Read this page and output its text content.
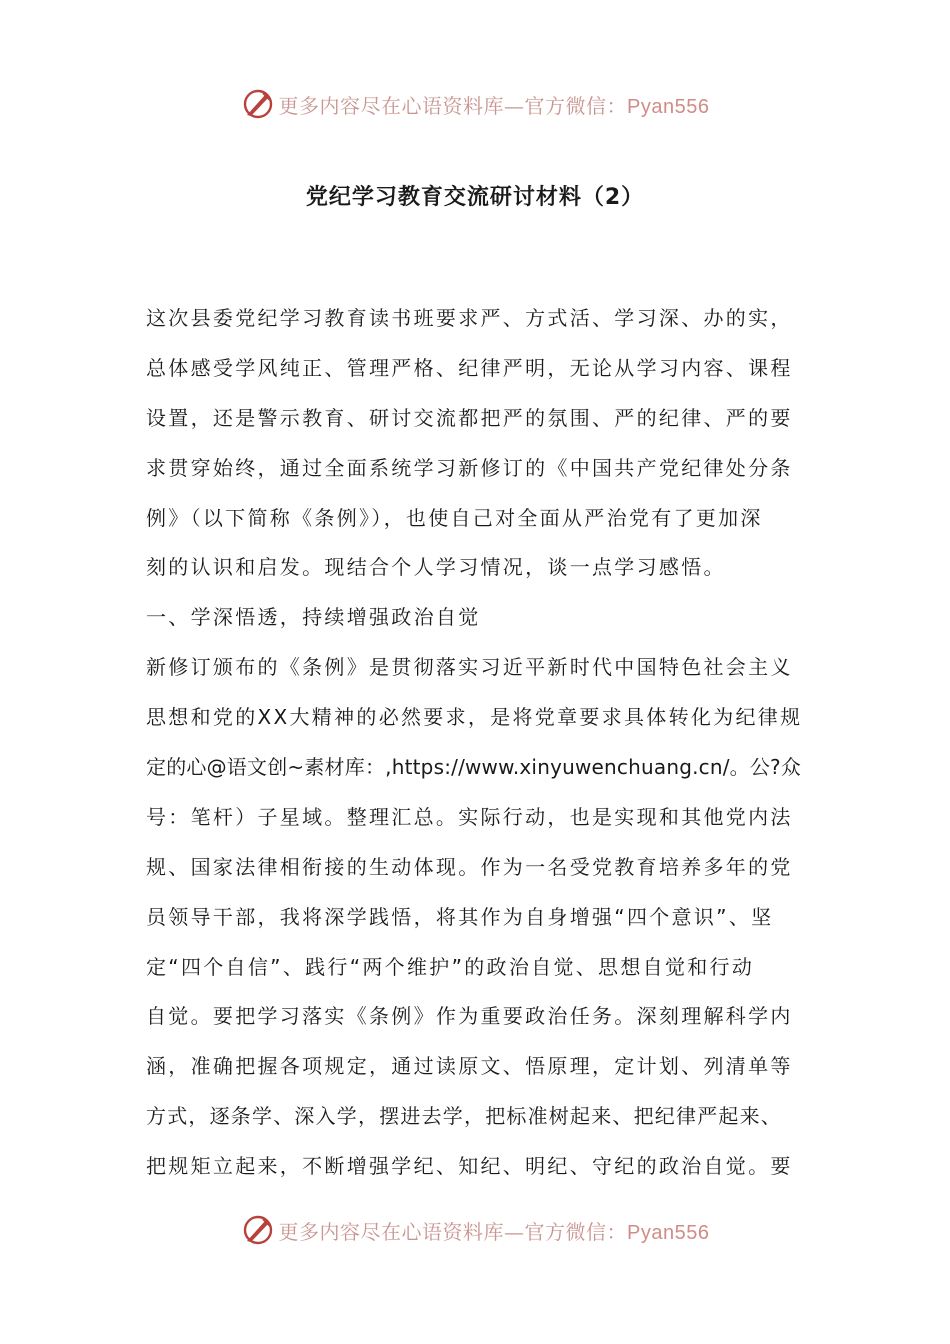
更多内容尽在心语资料库—官方微信：Pyan556
党纪学习教育交流研讨材料（2）
这次县委党纪学习教育读书班要求严、方式活、学习深、办的实，
总体感受学风纯正、管理严格、纪律严明，无论从学习内容、课程
设置，还是警示教育、研讨交流都把严的氛围、严的纪律、严的要
求贯穿始终，通过全面系统学习新修订的《中国共产党纪律处分条
例》（以下简称《条例》），也使自己对全面从严治党有了更加深
刻的认识和启发。现结合个人学习情况，谈一点学习感悟。
一、学深悟透，持续增强政治自觉
新修订颁布的《条例》是贯彻落实习近平新时代中国特色社会主义
思想和党的XX大精神的必然要求，是将党章要求具体转化为纪律规
定的心@语文创~素材库：,https://www.xinyuwenchuang.cn/。公?众
号：笔杆）子星域。整理汇总。实际行动，也是实现和其他党内法
规、国家法律相衔接的生动体现。作为一名受党教育培养多年的党
员领导干部，我将深学践悟，将其作为自身增强“四个意识”、坚
定“四个自信”、践行“两个维护”的政治自觉、思想自觉和行动
自觉。要把学习落实《条例》作为重要政治任务。深刻理解科学内
涵，准确把握各项规定，通过读原文、悟原理，定计划、列清单等
方式，逐条学、深入学，摆进去学，把标准树起来、把纪律严起来、
把规矩立起来，不断增强学纪、知纪、明纪、守纪的政治自觉。要
更多内容尽在心语资料库—官方微信：Pyan556
